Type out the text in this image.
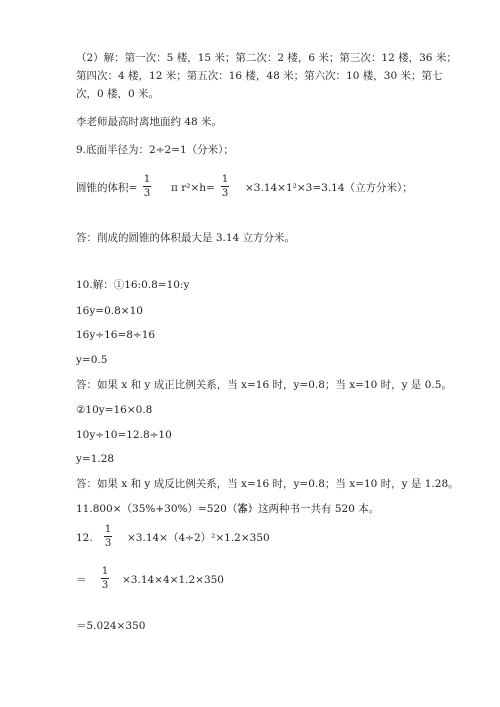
（2）解：第一次：5 楼，15 米；第二次：2 楼，6 米；第三次：12 楼，36 米；
第四次：4 楼，12 米；第五次：16 楼，48 米；第六次：10 楼，30 米；第七
次，0 楼，0 米。
李老师最高时离地面约 48 米。
9.底面半径为：2÷2=1（分米）；
圆锥的体积=
1
3 π r²×h=
1
3 ×3.14×1²×3=3.14（立方分米）；
答：削成的圆锥的体积最大是 3.14 立方分米。
10.解：①16:0.8=10:y
16y=0.8×10
16y÷16=8÷16
y=0.5
答：如果 x 和 y 成正比例关系，当 x=16 时，y=0.8；当 x=10 时，y 是 0.5。
②10y=16×0.8
10y÷10=12.8÷10
y=1.28
答：如果 x 和 y 成反比例关系，当 x=16 时，y=0.8；当 x=10 时，y 是 1.28。
11.800×（35%+30%）=520（本）
答：这两种书一共有 520 本。
12.
1
3 ×3.14×（4÷2）²×1.2×350
＝
1
3 ×3.14×4×1.2×350
＝5.024×350
